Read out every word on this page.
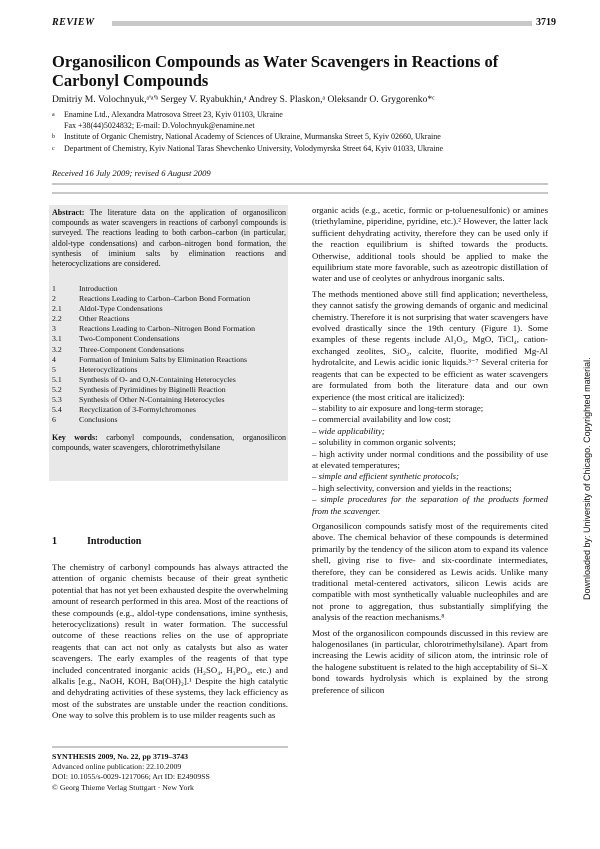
REVIEW	3719
Organosilicon Compounds as Water Scavengers in Reactions of Carbonyl Compounds
Dmitriy M. Volochnyuk,ᵃ'ᵃ'ᵇ Sergey V. Ryabukhin,ᵃ Andrey S. Plaskon,ᵃ Oleksandr O. Grygorenko*ᶜ
a Enamine Ltd., Alexandra Matrosova Street 23, Kyiv 01103, Ukraine
Fax +38(44)5024832; E-mail: D.Volochnyuk@enamine.net
b Institute of Organic Chemistry, National Academy of Sciences of Ukraine, Murmanska Street 5, Kyiv 02660, Ukraine
c Department of Chemistry, Kyiv National Taras Shevchenko University, Volodymyrska Street 64, Kyiv 01033, Ukraine
Received 16 July 2009; revised 6 August 2009
Abstract: The literature data on the application of organosilicon compounds as water scavengers in reactions of carbonyl compounds is surveyed. The reactions leading to both carbon–carbon (in particular, aldol-type condensations) and carbon–nitrogen bond formation, the synthesis of iminium salts by elimination reactions and heterocyclizations are considered.
1	Introduction
2	Reactions Leading to Carbon–Carbon Bond Formation
2.1	Aldol-Type Condensations
2.2	Other Reactions
3	Reactions Leading to Carbon–Nitrogen Bond Formation
3.1	Two-Component Condensations
3.2	Three-Component Condensations
4	Formation of Iminium Salts by Elimination Reactions
5	Heterocyclizations
5.1	Synthesis of O- and O,N-Containing Heterocycles
5.2	Synthesis of Pyrimidines by Biginelli Reaction
5.3	Synthesis of Other N-Containing Heterocycles
5.4	Recyclization of 3-Formylchromones
6	Conclusions
Key words: carbonyl compounds, condensation, organosilicon compounds, water scavengers, chlorotrimethylsilane
1	Introduction

The chemistry of carbonyl compounds has always attracted the attention of organic chemists because of their great synthetic potential that has not yet been exhausted despite the overwhelming amount of research performed in this area. Most of the reactions of these compounds (e.g., aldol-type condensations, imine synthesis, heterocyclizations) result in water formation. The successful outcome of these reactions relies on the use of appropriate reagents that can act not only as catalysts but also as water scavengers. The early examples of the reagents of that type included concentrated inorganic acids (H₂SO₄, H₃PO₄, etc.) and alkalis [e.g., NaOH, KOH, Ba(OH)₂].¹ Despite the high catalytic and dehydrating activities of these systems, they lack efficiency as most of the substrates are unstable under the reaction conditions. One way to solve this problem is to use milder reagents such as

SYNTHESIS 2009, No. 22, pp 3719–3743
Advanced online publication: 22.10.2009
DOI: 10.1055/s-0029-1217066; Art ID: E24909SS
© Georg Thieme Verlag Stuttgart · New York

organic acids (e.g., acetic, formic or p-toluenesulfonic) or amines (triethylamine, piperidine, pyridine, etc.).² However, the latter lack sufficient dehydrating activity, therefore they can be used only if the reaction equilibrium is shifted towards the products. Otherwise, additional tools should be applied to make the equilibrium state more favorable, such as azeotropic distillation of water and use of ceolytes or anhydrous inorganic salts.

The methods mentioned above still find application; nevertheless, they cannot satisfy the growing demands of organic and medicinal chemistry. Therefore it is not surprising that water scavengers have evolved drastically since the 19th century (Figure 1). Some examples of these regents include Al₂O₃, MgO, TiCl₄, cation-exchanged zeolites, SiO₂, calcite, fluorite, modified Mg-Al hydrotalcite, and Lewis acidic ionic liquids.³⁻⁷ Several criteria for reagents that can be expected to be efficient as water scavengers are formulated from both the literature data and our own experience (the most critical are italicized):

– stability to air exposure and long-term storage;

– commercial availability and low cost;

– wide applicability;

– solubility in common organic solvents;

– high activity under normal conditions and the possibility of use at elevated temperatures;

– simple and efficient synthetic protocols;

– high selectivity, conversion and yields in the reactions;

– simple procedures for the separation of the products formed from the scavenger.

Organosilicon compounds satisfy most of the requirements cited above. The chemical behavior of these compounds is determined primarily by the tendency of the silicon atom to expand its valence shell, giving rise to five- and six-coordinate intermediates, therefore, they can be considered as Lewis acids. Unlike many traditional metal-centered activators, silicon Lewis acids are compatible with most synthetically valuable nucleophiles and are not prone to aggregation, thus substantially simplifying the analysis of the reaction mechanisms.⁸

Most of the organosilicon compounds discussed in this review are halogenosilanes (in particular, chlorotrimethylsilane). Apart from increasing the Lewis acidity of silicon atom, the intrinsic role of the halogene substituent is related to the high acceptability of Si–X bond towards hydrolysis which is explained by the strong preference of silicon

Downloaded by: University of Chicago. Copyrighted material.
